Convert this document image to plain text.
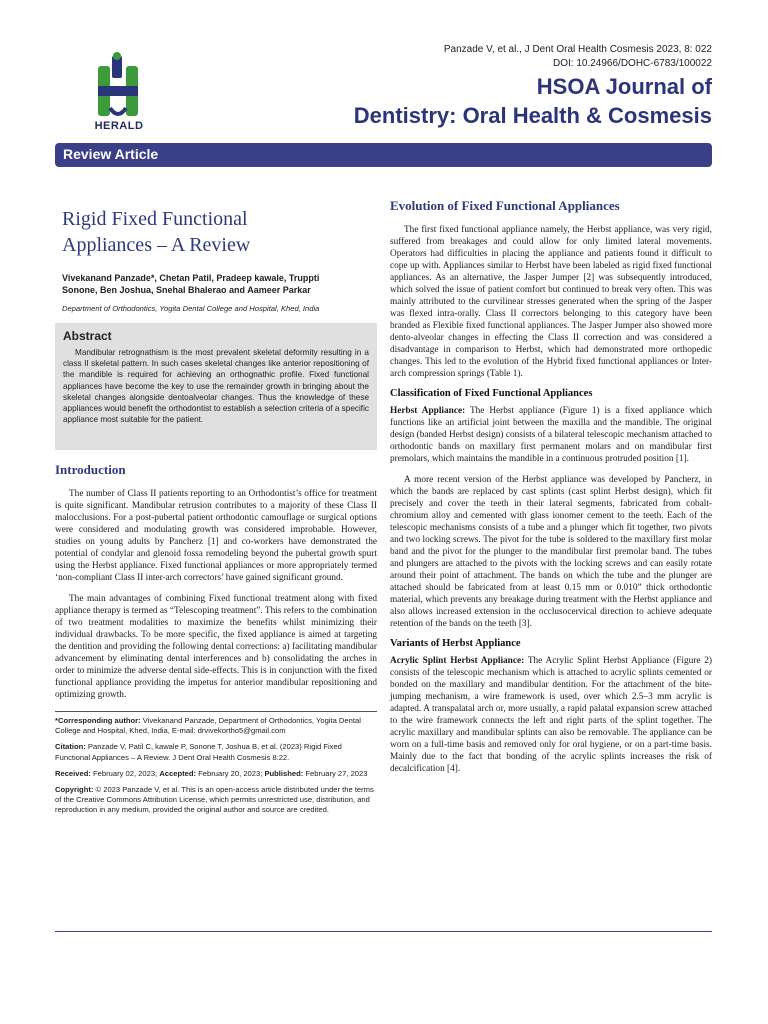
HERALD
Panzade V, et al., J Dent Oral Health Cosmesis 2023, 8: 022
DOI: 10.24966/DOHC-6783/100022
HSOA Journal of
Dentistry: Oral Health & Cosmesis
Review Article
Rigid Fixed Functional
Appliances – A Review
Vivekanand Panzade*, Chetan Patil, Pradeep kawale, Truppti
Sonone, Ben Joshua, Snehal Bhalerao and Aameer Parkar
Department of Orthodontics, Yogita Dental College and Hospital, Khed, India
Abstract

Mandibular retrognathism is the most prevalent skeletal deformity resulting in a class II skeletal pattern. In such cases skeletal changes like anterior repositioning of the mandible is required for achieving an orthognathic profile. Fixed functional appliances have become the key to use the remainder growth in bringing about the skeletal changes alongside dentoalveolar changes. Thus the knowledge of these appliances would benefit the orthodontist to establish a selection criteria of a specific appliance most suitable for the patient.

Introduction

The number of Class II patients reporting to an Orthodontist’s office for treatment is quite significant. Mandibular retrusion contributes to a majority of these Class II malocclusions. For a post-pubertal patient orthodontic camouflage or surgical options were considered and modulating growth was considered improbable. However, studies on young adults by Pancherz [1] and co-workers have demonstrated the potential of condylar and glenoid fossa remodeling beyond the pubertal growth spurt using the Herbst appliance. Fixed functional appliances or more appropriately termed ‘non-compliant Class II inter-arch correctors’ have gained significant ground.

The main advantages of combining Fixed functional treatment along with fixed appliance therapy is termed as “Telescoping treatment”. This refers to the combination of two treatment modalities to maximize the benefits whilst minimizing their individual drawbacks. To be more specific, the fixed appliance is aimed at targeting the dentition and providing the following dental corrections: a) facilitating mandibular advancement by eliminating dental interferences and b) consolidating the arches in order to minimize the adverse dental side-effects. This is in conjunction with the fixed functional appliance providing the impetus for anterior mandibular repositioning and optimizing growth.

*Corresponding author: Vivekanand Panzade, Department of Orthodontics, Yogita Dental College and Hospital, Khed, India, E-mail: drvivekortho5@gmail.com

Citation: Panzade V, Patil C, kawale P, Sonone T, Joshua B, et al. (2023) Rigid Fixed Functional Appliances – A Review. J Dent Oral Health Cosmesis 8:22.

Received: February 02, 2023; Accepted: February 20, 2023; Published: February 27, 2023

Copyright: © 2023 Panzade V, et al. This is an open-access article distributed under the terms of the Creative Commons Attribution License, which permits unrestricted use, distribution, and reproduction in any medium, provided the original author and source are credited.

Evolution of Fixed Functional Appliances

The first fixed functional appliance namely, the Herbst appliance, was very rigid, suffered from breakages and could allow for only limited lateral movements. Operators had difficulties in placing the appliance and patients found it difficult to cope up with. Appliances similar to Herbst have been labeled as rigid fixed functional appliances. As an alternative, the Jasper Jumper [2] was subsequently introduced, which solved the issue of patient comfort but continued to break very often. This was mainly attributed to the curvilinear stresses generated when the spring of the Jasper was flexed intra-orally. Class II correctors belonging to this category have been branded as Flexible fixed functional appliances. The Jasper Jumper also showed more dento-alveolar changes in effecting the Class II correction and was considered a disadvantage in comparison to Herbst, which had demonstrated more orthopedic changes. This led to the evolution of the Hybrid fixed functional appliances or Inter-arch compression springs (Table 1).

Classification of Fixed Functional Appliances

Herbst Appliance: The Herbst appliance (Figure 1) is a fixed appliance which functions like an artificial joint between the maxilla and the mandible. The original design (banded Herbst design) consists of a bilateral telescopic mechanism attached to orthodontic bands on maxillary first permanent molars and on mandibular first premolars, which maintains the mandible in a continuous protruded position [1].

A more recent version of the Herbst appliance was developed by Pancherz, in which the bands are replaced by cast splints (cast splint Herbst design), which fit precisely and cover the teeth in their lateral segments, fabricated from cobalt-chromium alloy and cemented with glass ionomer cement to the teeth. Each of the telescopic mechanisms consists of a tube and a plunger which fit together, two pivots and two locking screws. The pivot for the tube is soldered to the maxillary first molar band and the pivot for the plunger to the mandibular first premolar band. The tubes and plungers are attached to the pivots with the locking screws and can easily rotate around their point of attachment. The bands on which the tube and the plunger are attached should be fabricated from at least 0.15 mm or 0.010” thick orthodontic material, which prevents any breakage during treatment with the Herbst appliance and also allows increased extension in the occlusocervical direction to achieve adequate retention of the bands on the teeth [3].

Variants of Herbst Appliance

Acrylic Splint Herbst Appliance: The Acrylic Splint Herbst Appliance (Figure 2) consists of the telescopic mechanism which is attached to acrylic splints cemented or bonded on the maxillary and mandibular dentition. For the attachment of the bite-jumping mechanism, a wire framework is used, over which 2.5–3 mm acrylic is adapted. A transpalatal arch or, more usually, a rapid palatal expansion screw attached to the wire framework connects the left and right parts of the splint together. The acrylic maxillary and mandibular splints can also be removable. The appliance can be worn on a full-time basis and removed only for oral hygiene, or on a part-time basis. Mainly due to the fact that bonding of the acrylic splints increases the risk of decalcification [4].
